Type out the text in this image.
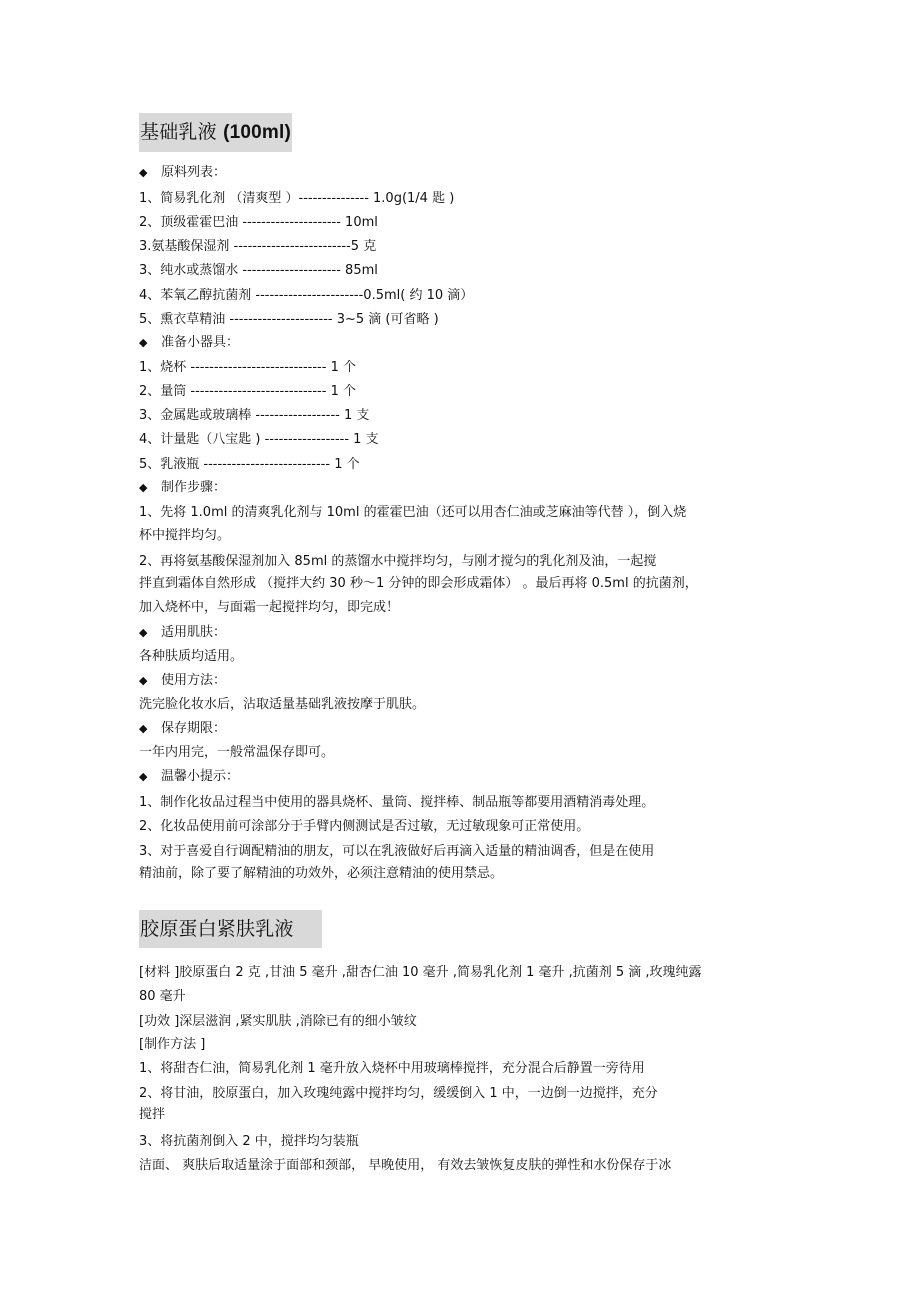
基础乳液 (100ml)
◆ 原料列表：
1、简易乳化剂 （清爽型 ）--------------- 1.0g(1/4 匙 )
2、顶级霍霍巴油 --------------------- 10ml
3.氨基酸保湿剂 -------------------------5 克
3、纯水或蒸馏水 --------------------- 85ml
4、苯氧乙醇抗菌剂 -----------------------0.5ml( 约 10 滴）
5、熏衣草精油 ---------------------- 3~5 滴 (可省略 )
◆ 准备小器具：
1、烧杯 ----------------------------- 1 个
2、量筒 ----------------------------- 1 个
3、金属匙或玻璃棒 ------------------ 1 支
4、计量匙（八宝匙 ) ------------------ 1 支
5、乳液瓶 --------------------------- 1 个
◆ 制作步骤：
1、先将 1.0ml 的清爽乳化剂与 10ml 的霍霍巴油（还可以用杏仁油或芝麻油等代替 ），倒入烧
杯中搅拌均匀。
2、再将氨基酸保湿剂加入 85ml 的蒸馏水中搅拌均匀，与刚才搅匀的乳化剂及油，一起搅
拌直到霜体自然形成 （搅拌大约 30 秒～1 分钟的即会形成霜体） 。最后再将 0.5ml 的抗菌剂，
加入烧杯中，与面霜一起搅拌均匀，即完成！
◆ 适用肌肤：
各种肤质均适用。
◆ 使用方法：
洗完脸化妆水后，沾取适量基础乳液按摩于肌肤。
◆ 保存期限：
一年内用完，一般常温保存即可。
◆ 温馨小提示：
1、制作化妆品过程当中使用的器具烧杯、量筒、搅拌棒、制品瓶等都要用酒精消毒处理。
2、化妆品使用前可涂部分于手臂内侧测试是否过敏，无过敏现象可正常使用。
3、对于喜爱自行调配精油的朋友，可以在乳液做好后再滴入适量的精油调香，但是在使用
精油前，除了要了解精油的功效外，必须注意精油的使用禁忌。
胶原蛋白紧肤乳液
[材料 ]胶原蛋白 2 克 ,甘油 5 毫升 ,甜杏仁油 10 毫升 ,简易乳化剂 1 毫升 ,抗菌剂 5 滴 ,玫瑰纯露
80 毫升
[功效 ]深层滋润 ,紧实肌肤 ,消除已有的细小皱纹
[制作方法 ]
1、将甜杏仁油，简易乳化剂 1 毫升放入烧杯中用玻璃棒搅拌，充分混合后静置一旁待用
2、将甘油，胶原蛋白，加入玫瑰纯露中搅拌均匀，缓缓倒入 1 中，一边倒一边搅拌，充分
搅拌
3、将抗菌剂倒入 2 中，搅拌均匀装瓶
洁面、 爽肤后取适量涂于面部和颈部， 早晚使用， 有效去皱恢复皮肤的弹性和水份保存于冰
